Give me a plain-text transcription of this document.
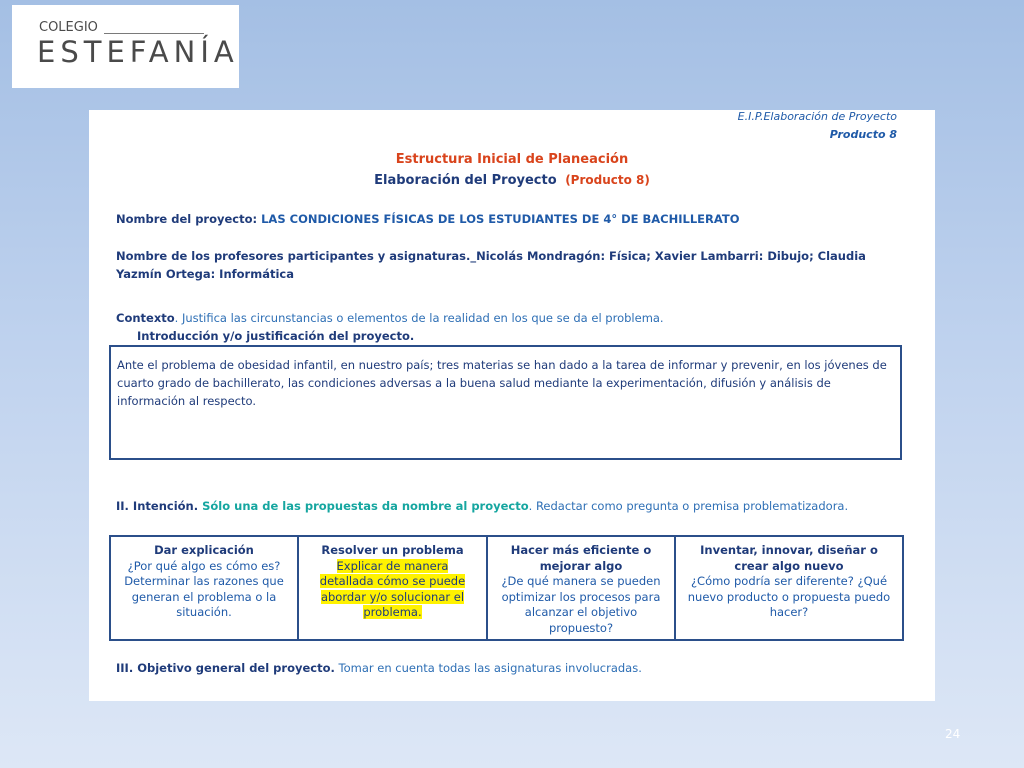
COLEGIO
ESTEFANÍA
E.I.P.Elaboración de Proyecto
Producto 8
Estructura Inicial de Planeación
Elaboración del Proyecto (Producto 8)
Nombre del proyecto: LAS CONDICIONES FÍSICAS DE LOS ESTUDIANTES DE 4° DE BACHILLERATO
Nombre de los profesores participantes y asignaturas._Nicolás Mondragón: Física; Xavier Lambarri: Dibujo; Claudia Yazmín Ortega: Informática
Contexto. Justifica las circunstancias o elementos de la realidad en los que se da el problema.
Introducción y/o justificación del proyecto.
Ante el problema de obesidad infantil, en nuestro país; tres materias se han dado a la tarea de informar y prevenir, en los jóvenes de cuarto grado de bachillerato, las condiciones adversas a la buena salud mediante la experimentación, difusión y análisis de información al respecto.
II. Intención. Sólo una de las propuestas da nombre al proyecto. Redactar como pregunta o premisa problematizadora.
Dar explicación
¿Por qué algo es cómo es? Determinar las razones que generan el problema o la situación.
Resolver un problema
Explicar de manera detallada cómo se puede abordar y/o solucionar el problema.
Hacer más eficiente o mejorar algo
¿De qué manera se pueden optimizar los procesos para alcanzar el objetivo propuesto?
Inventar, innovar, diseñar o crear algo nuevo
¿Cómo podría ser diferente? ¿Qué nuevo producto o propuesta puedo hacer?
III. Objetivo general del proyecto. Tomar en cuenta todas las asignaturas involucradas.
24
